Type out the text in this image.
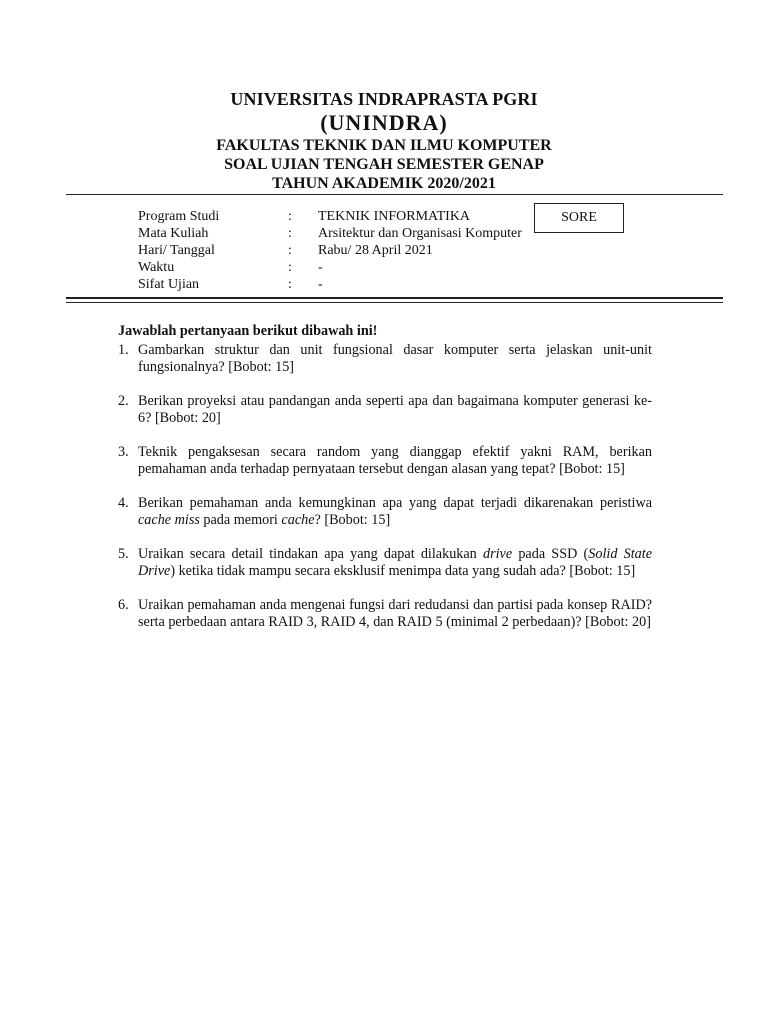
UNIVERSITAS INDRAPRASTA PGRI
(UNINDRA)
FAKULTAS TEKNIK DAN ILMU KOMPUTER
SOAL UJIAN TENGAH SEMESTER GENAP
TAHUN AKADEMIK 2020/2021
Program Studi	:	TEKNIK INFORMATIKA
Mata Kuliah	:	Arsitektur dan Organisasi Komputer
Hari/ Tanggal	:	Rabu/ 28 April 2021
Waktu	:	-
Sifat Ujian	:	-
SORE
Jawablah pertanyaan berikut dibawah ini!
1. Gambarkan struktur dan unit fungsional dasar komputer serta jelaskan unit-unit fungsionalnya? [Bobot: 15]
2. Berikan proyeksi atau pandangan anda seperti apa dan bagaimana komputer generasi ke-6? [Bobot: 20]
3. Teknik pengaksesan secara random yang dianggap efektif yakni RAM, berikan pemahaman anda terhadap pernyataan tersebut dengan alasan yang tepat? [Bobot: 15]
4. Berikan pemahaman anda kemungkinan apa yang dapat terjadi dikarenakan peristiwa cache miss pada memori cache? [Bobot: 15]
5. Uraikan secara detail tindakan apa yang dapat dilakukan drive pada SSD (Solid State Drive) ketika tidak mampu secara eksklusif menimpa data yang sudah ada? [Bobot: 15]
6. Uraikan pemahaman anda mengenai fungsi dari redudansi dan partisi pada konsep RAID? serta perbedaan antara RAID 3, RAID 4, dan RAID 5 (minimal 2 perbedaan)? [Bobot: 20]
